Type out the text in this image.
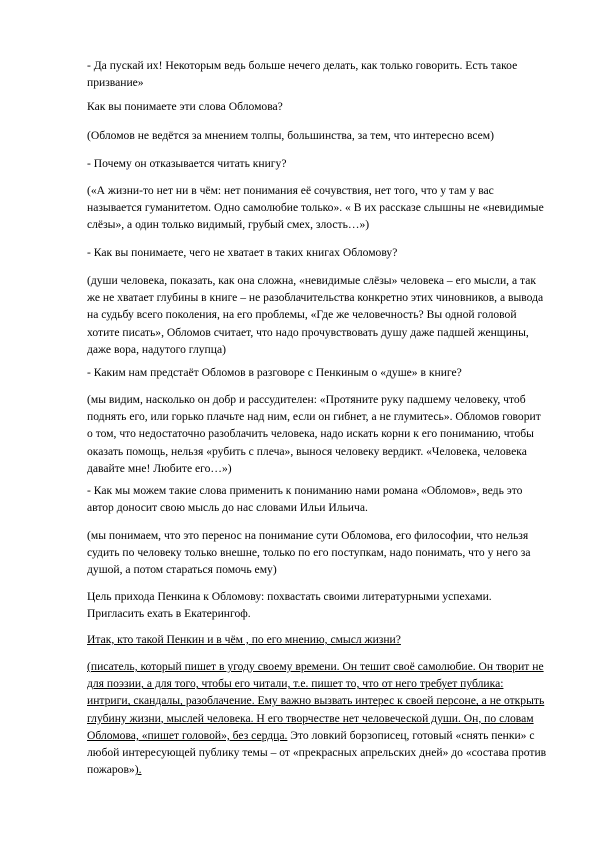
- Да пускай их! Некоторым ведь больше нечего делать, как только говорить. Есть такое призвание»

Как вы понимаете эти слова Обломова?

(Обломов не ведётся за мнением толпы, большинства, за тем, что интересно всем)

- Почему он отказывается читать книгу?

(«А жизни-то нет ни в чём: нет понимания её сочувствия, нет того, что у там у вас называется гуманитетом. Одно самолюбие только». « В их рассказе слышны не «невидимые слёзы», а один только видимый, грубый смех, злость…»)

- Как вы понимаете, чего не хватает в таких книгах Обломову?

(души человека, показать, как она сложна, «невидимые слёзы» человека – его мысли, а так же не хватает глубины в книге – не разоблачительства конкретно этих чиновников, а вывода на судьбу всего поколения, на его проблемы, «Где же человечность? Вы одной головой хотите писать», Обломов считает, что надо прочувствовать душу даже падшей женщины, даже вора, надутого глупца)

- Каким нам предстаёт Обломов в разговоре с Пенкиным о «душе» в книге?

(мы видим, насколько он добр и рассудителен: «Протяните руку падшему человеку, чтоб поднять его, или горько плачьте над ним, если он гибнет, а не глумитесь». Обломов говорит о том, что недостаточно разоблачить человека, надо искать корни к его пониманию, чтобы оказать помощь, нельзя «рубить с плеча», вынося человеку вердикт. «Человека, человека давайте мне! Любите его…»)

- Как мы можем такие слова применить к пониманию нами романа «Обломов», ведь это автор доносит свою мысль до нас словами Ильи Ильича.

(мы понимаем, что это перенос на понимание сути Обломова, его философии, что нельзя судить по человеку только внешне, только по его поступкам, надо понимать, что у него за душой, а потом стараться помочь ему)

Цель прихода Пенкина к Обломову: похвастать своими литературными успехами. Пригласить ехать в Екатерингоф.

Итак, кто такой Пенкин и в чём , по его мнению, смысл жизни?

(писатель, который пишет в угоду своему времени. Он тешит своё самолюбие. Он творит не для поэзии, а для того, чтобы его читали, т.е. пишет то, что от него требует публика: интриги, скандалы, разоблачение. Ему важно вызвать интерес к своей персоне, а не открыть глубину жизни, мыслей человека. Н его творчестве нет человеческой души. Он, по словам Обломова, «пишет головой», без сердца. Это ловкий борзописец, готовый «снять пенки» с любой интересующей публику темы – от «прекрасных апрельских дней» до «состава против пожаров»).
